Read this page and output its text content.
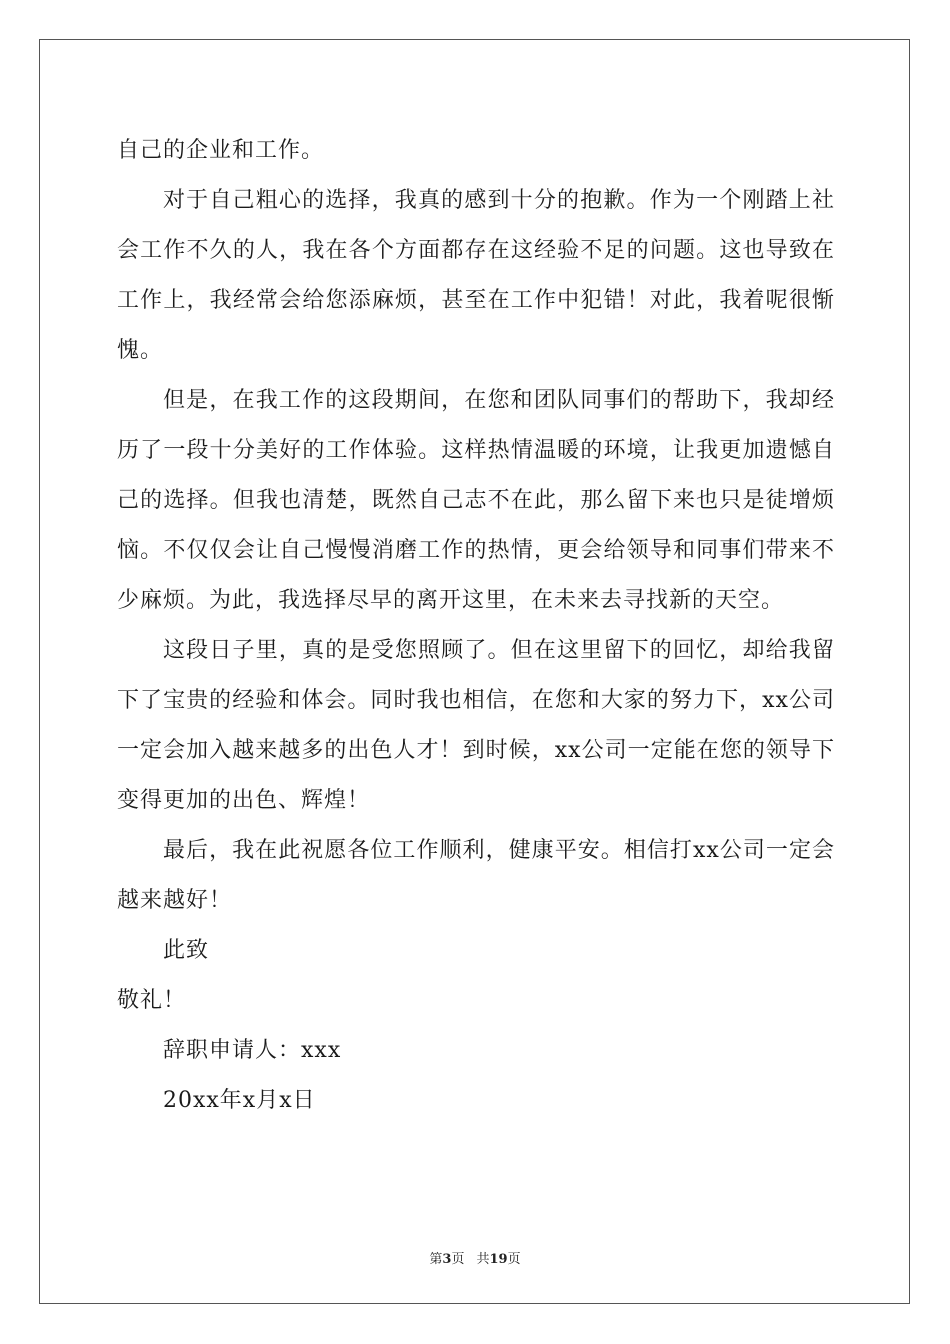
自己的企业和工作。

对于自己粗心的选择，我真的感到十分的抱歉。作为一个刚踏上社会工作不久的人，我在各个方面都存在这经验不足的问题。这也导致在工作上，我经常会给您添麻烦，甚至在工作中犯错！对此，我着呢很惭愧。

但是，在我工作的这段期间，在您和团队同事们的帮助下，我却经历了一段十分美好的工作体验。这样热情温暖的环境，让我更加遗憾自己的选择。但我也清楚，既然自己志不在此，那么留下来也只是徒增烦恼。不仅仅会让自己慢慢消磨工作的热情，更会给领导和同事们带来不少麻烦。为此，我选择尽早的离开这里，在未来去寻找新的天空。

这段日子里，真的是受您照顾了。但在这里留下的回忆，却给我留下了宝贵的经验和体会。同时我也相信，在您和大家的努力下，xx公司一定会加入越来越多的出色人才！到时候，xx公司一定能在您的领导下变得更加的出色、辉煌！

最后，我在此祝愿各位工作顺利，健康平安。相信打xx公司一定会越来越好！

此致

敬礼！

辞职申请人：xxx

20xx年x月x日

第3页 共19页
